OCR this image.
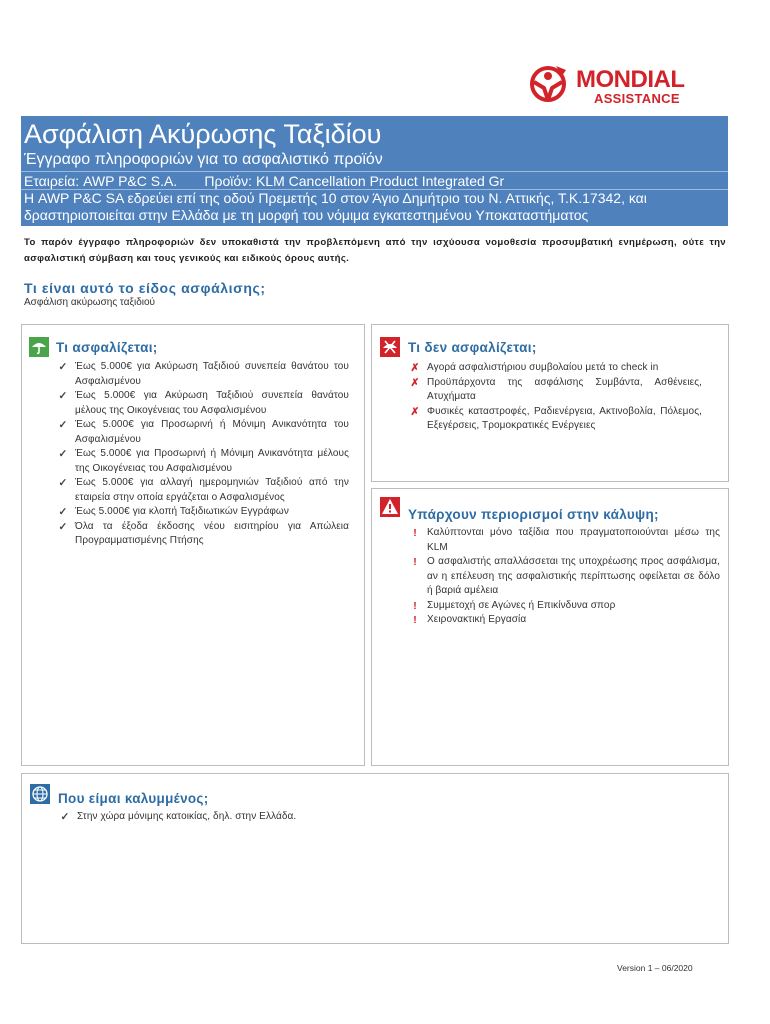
MONDIAL
ASSISTANCE
Ασφάλιση Ακύρωσης Ταξιδίου
Έγγραφο πληροφοριών για το ασφαλιστικό προϊόν
Εταιρεία: AWP P&C S.A.       Προϊόν: KLM Cancellation Product Integrated Gr
Η AWP P&C SA εδρεύει επί της οδού Πρεμετής 10 στον Άγιο Δημήτριο του Ν. Αττικής, Τ.Κ.17342, και
δραστηριοποιείται στην Ελλάδα με τη μορφή του νόμιμα εγκατεστημένου Υποκαταστήματος
Το παρόν έγγραφο πληροφοριών δεν υποκαθιστά την προβλεπόμενη από την ισχύουσα νομοθεσία προσυμβατική ενημέρωση, ούτε την ασφαλιστική σύμβαση και τους γενικούς και ειδικούς όρους αυτής.
Τι είναι αυτό το είδος ασφάλισης;
Ασφάλιση ακύρωσης ταξιδιού
Τι ασφαλίζεται;
✓ Έως 5.000€ για Ακύρωση Ταξιδιού συνεπεία θανάτου του Ασφαλισμένου
✓ Έως 5.000€ για Ακύρωση Ταξιδιού συνεπεία θανάτου μέλους της Οικογένειας του Ασφαλισμένου
✓ Έως 5.000€ για Προσωρινή ή Μόνιμη Ανικανότητα του Ασφαλισμένου
✓ Έως 5.000€ για Προσωρινή ή Μόνιμη Ανικανότητα μέλους της Οικογένειας του Ασφαλισμένου
✓ Έως 5.000€ για αλλαγή ημερομηνιών Ταξιδιού από την εταιρεία στην οποία εργάζεται ο Ασφαλισμένος
✓ Έως 5.000€ για κλοπή Ταξιδιωτικών Εγγράφων
✓ Όλα τα έξοδα έκδοσης νέου εισιτηρίου για Απώλεια Προγραμματισμένης Πτήσης
Τι δεν ασφαλίζεται;
✗ Αγορά ασφαλιστήριου συμβολαίου μετά το check in
✗ Προϋπάρχοντα της ασφάλισης Συμβάντα, Ασθένειες, Ατυχήματα
✗ Φυσικές καταστροφές, Ραδιενέργεια, Ακτινοβολία, Πόλεμος, Εξεγέρσεις, Τρομοκρατικές Ενέργειες
Υπάρχουν περιορισμοί στην κάλυψη;
!	Καλύπτονται μόνο ταξίδια που πραγματοποιούνται μέσω της KLM
!	Ο ασφαλιστής απαλλάσσεται της υποχρέωσης προς ασφάλισμα, αν η επέλευση της ασφαλιστικής περίπτωσης οφείλεται σε δόλο ή βαριά αμέλεια
!	Συμμετοχή σε Αγώνες ή Επικίνδυνα σπορ
!	Χειρονακτική Εργασία
Που είμαι καλυμμένος;
✓ Στην χώρα μόνιμης κατοικίας, δηλ. στην Ελλάδα.
Version 1 – 06/2020
